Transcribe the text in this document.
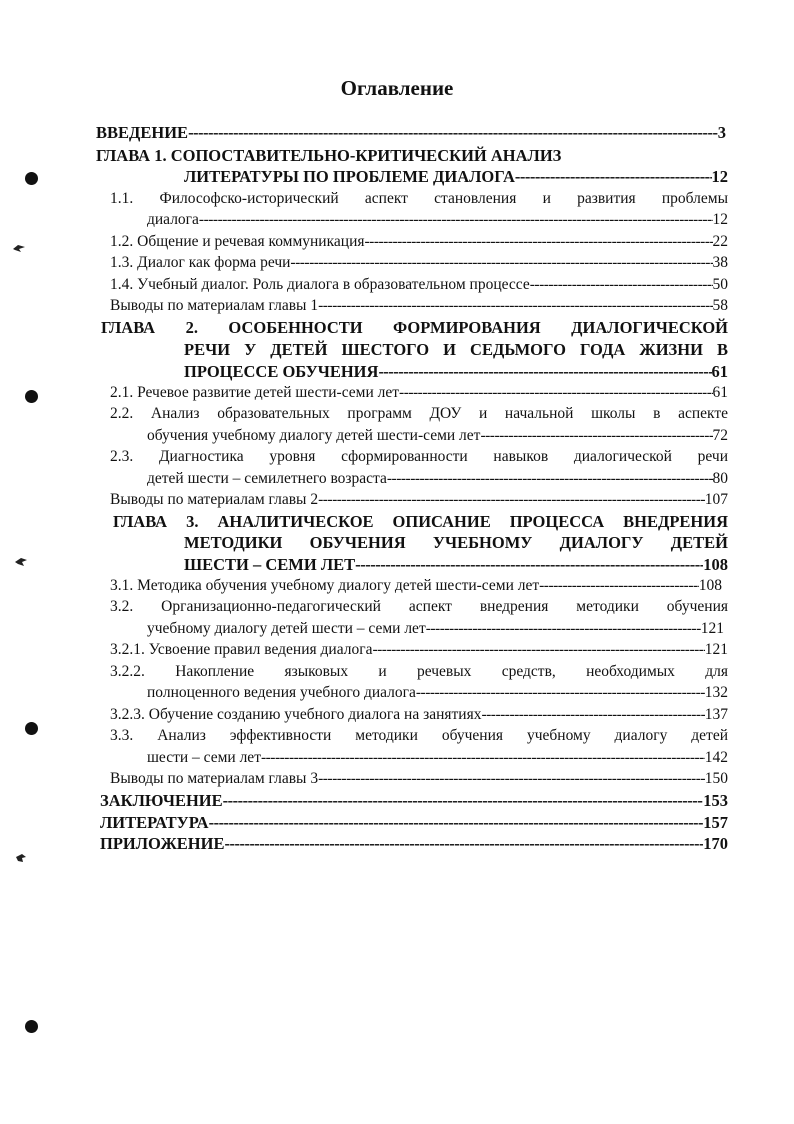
Оглавление
ВВЕДЕНИЕ -----	3
ГЛАВА 1. СОПОСТАВИТЕЛЬНО-КРИТИЧЕСКИЙ АНАЛИЗ
ЛИТЕРАТУРЫ ПО ПРОБЛЕМЕ ДИАЛОГА -----	12
1.1. Философско-исторический аспект становления и развития проблемы
диалога -----	12
1.2. Общение и речевая коммуникация -----	22
1.3. Диалог как форма речи -----	38
1.4. Учебный диалог. Роль диалога в образовательном процессе -----	50
Выводы по материалам главы 1 -----	58
ГЛАВА 2. ОСОБЕННОСТИ ФОРМИРОВАНИЯ ДИАЛОГИЧЕСКОЙ
РЕЧИ У ДЕТЕЙ ШЕСТОГО И СЕДЬМОГО ГОДА ЖИЗНИ В
ПРОЦЕССЕ ОБУЧЕНИЯ -----	61
2.1. Речевое развитие детей шести-семи лет -----	61
2.2. Анализ образовательных программ ДОУ и начальной школы в аспекте
обучения учебному диалогу детей шести-семи лет -----	72
2.3. Диагностика уровня сформированности навыков диалогической речи
детей шести – семилетнего возраста -----	80
Выводы по материалам главы 2 -----	107
ГЛАВА 3. АНАЛИТИЧЕСКОЕ ОПИСАНИЕ ПРОЦЕССА ВНЕДРЕНИЯ
МЕТОДИКИ ОБУЧЕНИЯ УЧЕБНОМУ ДИАЛОГУ ДЕТЕЙ
ШЕСТИ – СЕМИ ЛЕТ -----	108
3.1. Методика обучения учебному диалогу детей шести-семи лет -----	108
3.2. Организационно-педагогический аспект внедрения методики обучения
учебному диалогу детей шести – семи лет -----	121
3.2.1. Усвоение правил ведения диалога -----	121
3.2.2. Накопление языковых и речевых средств, необходимых для
полноценного ведения учебного диалога -----	132
3.2.3. Обучение созданию учебного диалога на занятиях -----	137
3.3. Анализ эффективности методики обучения учебному диалогу детей
шести – семи лет -----	142
Выводы по материалам главы 3 -----	150
ЗАКЛЮЧЕНИЕ -----	153
ЛИТЕРАТУРА -----	157
ПРИЛОЖЕНИЕ -----	170
